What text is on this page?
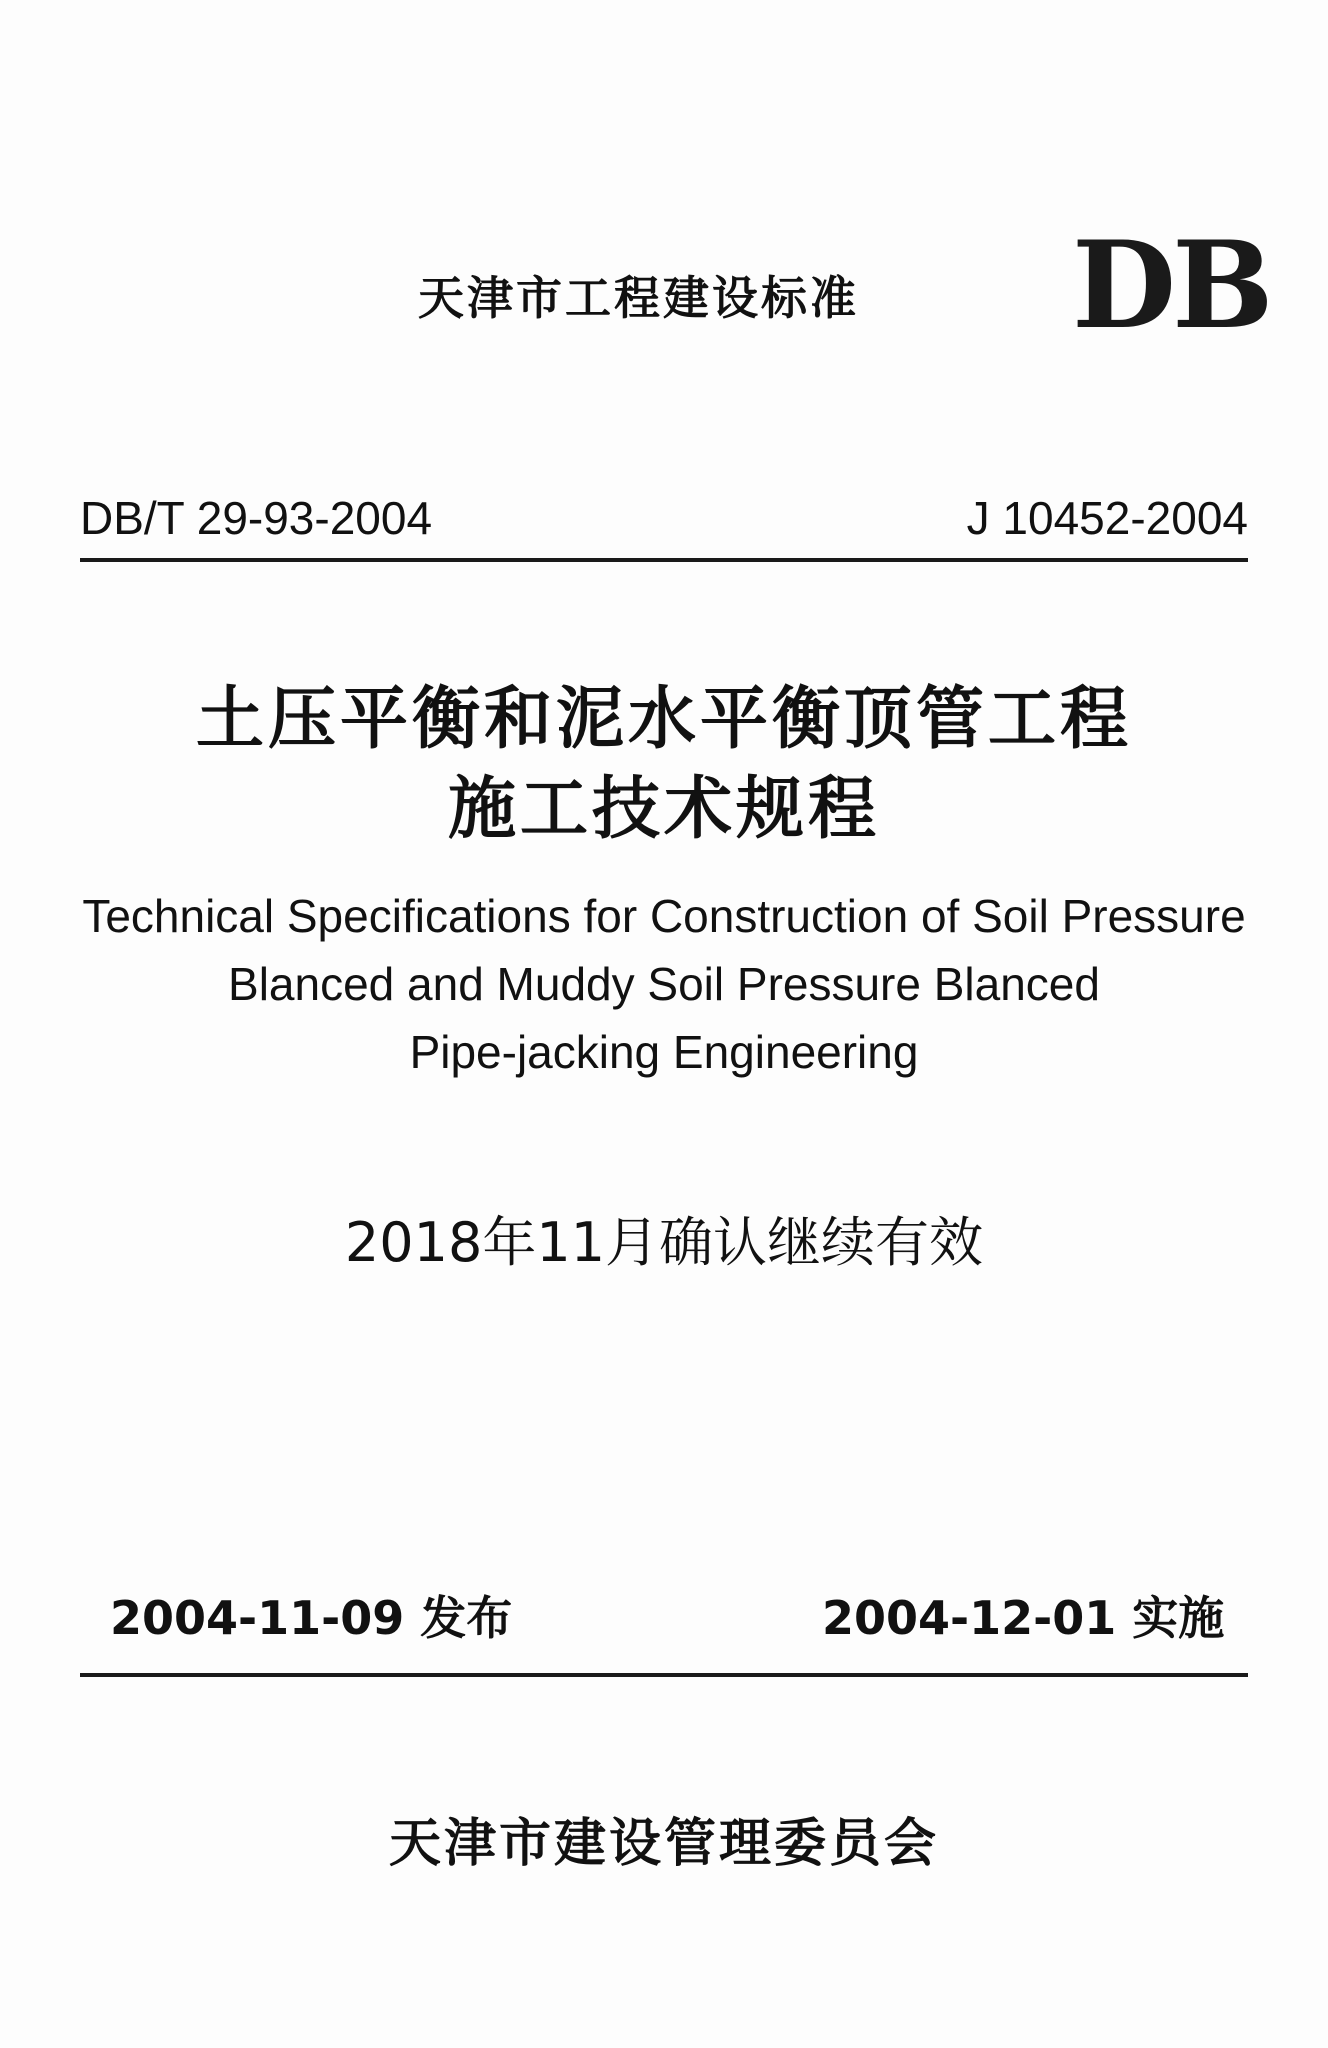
天津市工程建设标准 DB
DB/T 29-93-2004	J 10452-2004
土压平衡和泥水平衡顶管工程
施工技术规程
Technical Specifications for Construction of Soil Pressure
Blanced and Muddy Soil Pressure Blanced
Pipe-jacking Engineering
2018年11月确认继续有效
2004-11-09 发布	2004-12-01 实施
天津市建设管理委员会
